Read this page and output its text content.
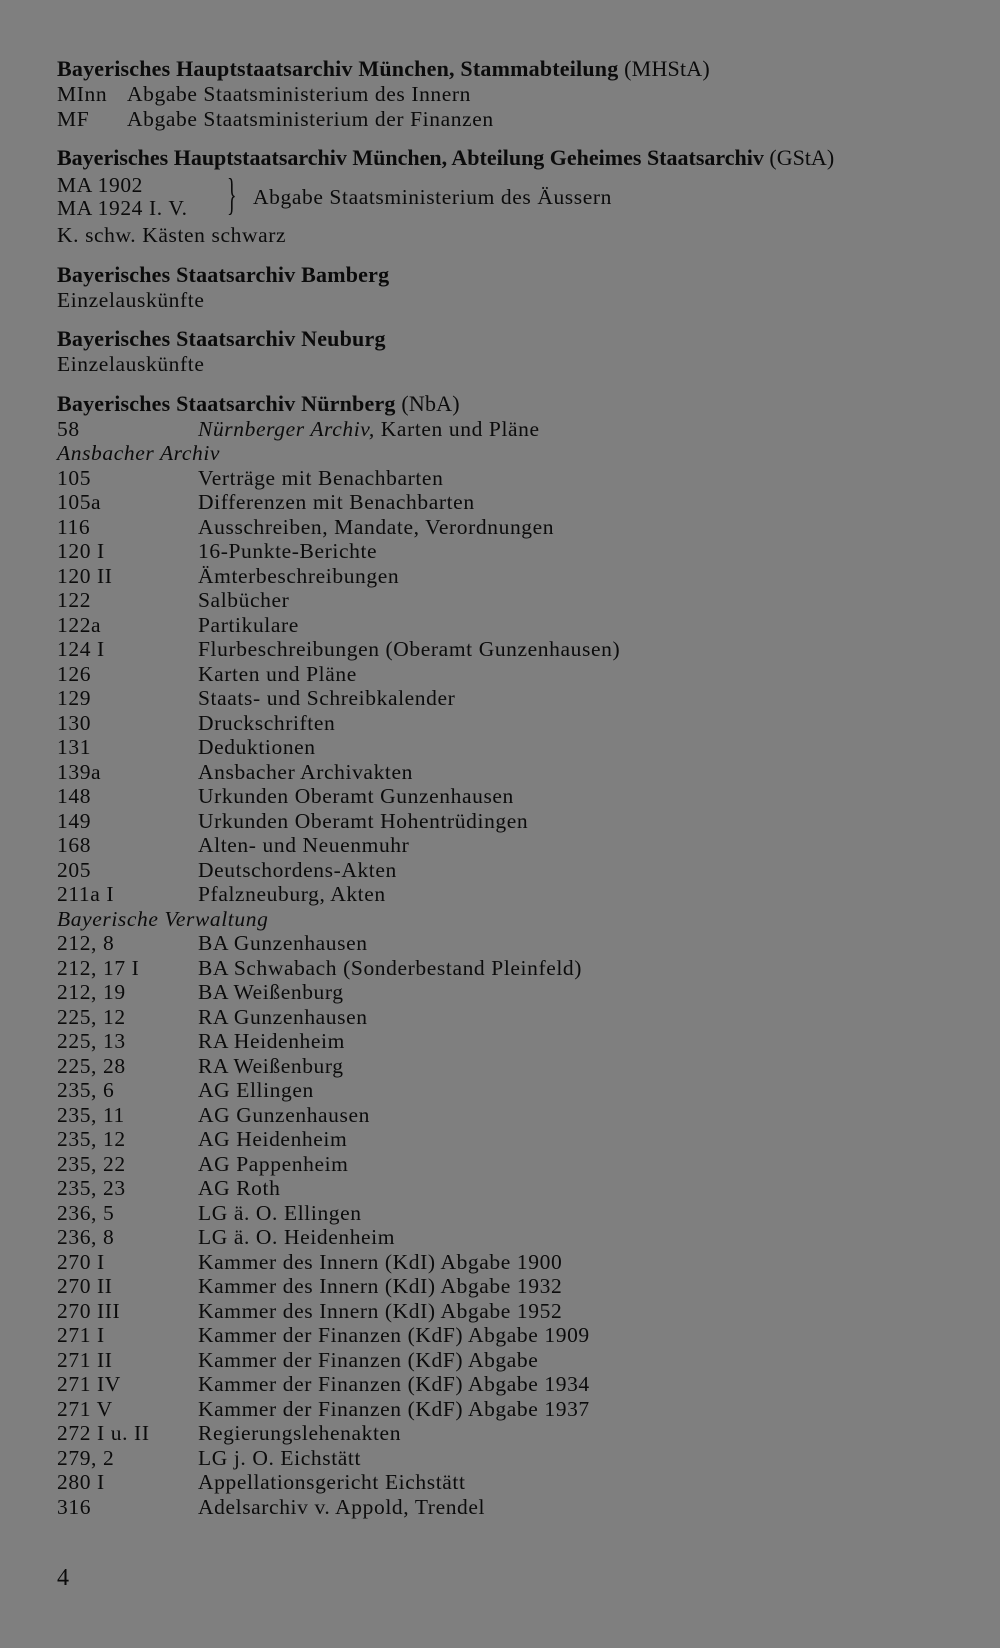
Bayerisches Hauptstaatsarchiv München, Stammabteilung (MHStA)
MInn Abgabe Staatsministerium des Innern
MF Abgabe Staatsministerium der Finanzen
Bayerisches Hauptstaatsarchiv München, Abteilung Geheimes Staatsarchiv (GStA)
MA 1902
MA 1924 I. V. } Abgabe Staatsministerium des Äussern
K. schw. Kästen schwarz
Bayerisches Staatsarchiv Bamberg
Einzelauskünfte
Bayerisches Staatsarchiv Neuburg
Einzelauskünfte
Bayerisches Staatsarchiv Nürnberg (NbA)
58	Nürnberger Archiv, Karten und Pläne
Ansbacher Archiv
105	Verträge mit Benachbarten
105a	Differenzen mit Benachbarten
116	Ausschreiben, Mandate, Verordnungen
120 I	16-Punkte-Berichte
120 II	Ämterbeschreibungen
122	Salbücher
122a	Partikulare
124 I	Flurbeschreibungen (Oberamt Gunzenhausen)
126	Karten und Pläne
129	Staats- und Schreibkalender
130	Druckschriften
131	Deduktionen
139a	Ansbacher Archivakten
148	Urkunden Oberamt Gunzenhausen
149	Urkunden Oberamt Hohentrüdingen
168	Alten- und Neuenmuhr
205	Deutschordens-Akten
211a I	Pfalzneuburg, Akten
Bayerische Verwaltung
212, 8	BA Gunzenhausen
212, 17 I	BA Schwabach (Sonderbestand Pleinfeld)
212, 19	BA Weißenburg
225, 12	RA Gunzenhausen
225, 13	RA Heidenheim
225, 28	RA Weißenburg
235, 6	AG Ellingen
235, 11	AG Gunzenhausen
235, 12	AG Heidenheim
235, 22	AG Pappenheim
235, 23	AG Roth
236, 5	LG ä. O. Ellingen
236, 8	LG ä. O. Heidenheim
270 I	Kammer des Innern (KdI) Abgabe 1900
270 II	Kammer des Innern (KdI) Abgabe 1932
270 III	Kammer des Innern (KdI) Abgabe 1952
271 I	Kammer der Finanzen (KdF) Abgabe 1909
271 II	Kammer der Finanzen (KdF) Abgabe
271 IV	Kammer der Finanzen (KdF) Abgabe 1934
271 V	Kammer der Finanzen (KdF) Abgabe 1937
272 I u. II	Regierungslehenakten
279, 2	LG j. O. Eichstätt
280 I	Appellationsgericht Eichstätt
316	Adelsarchiv v. Appold, Trendel
4
